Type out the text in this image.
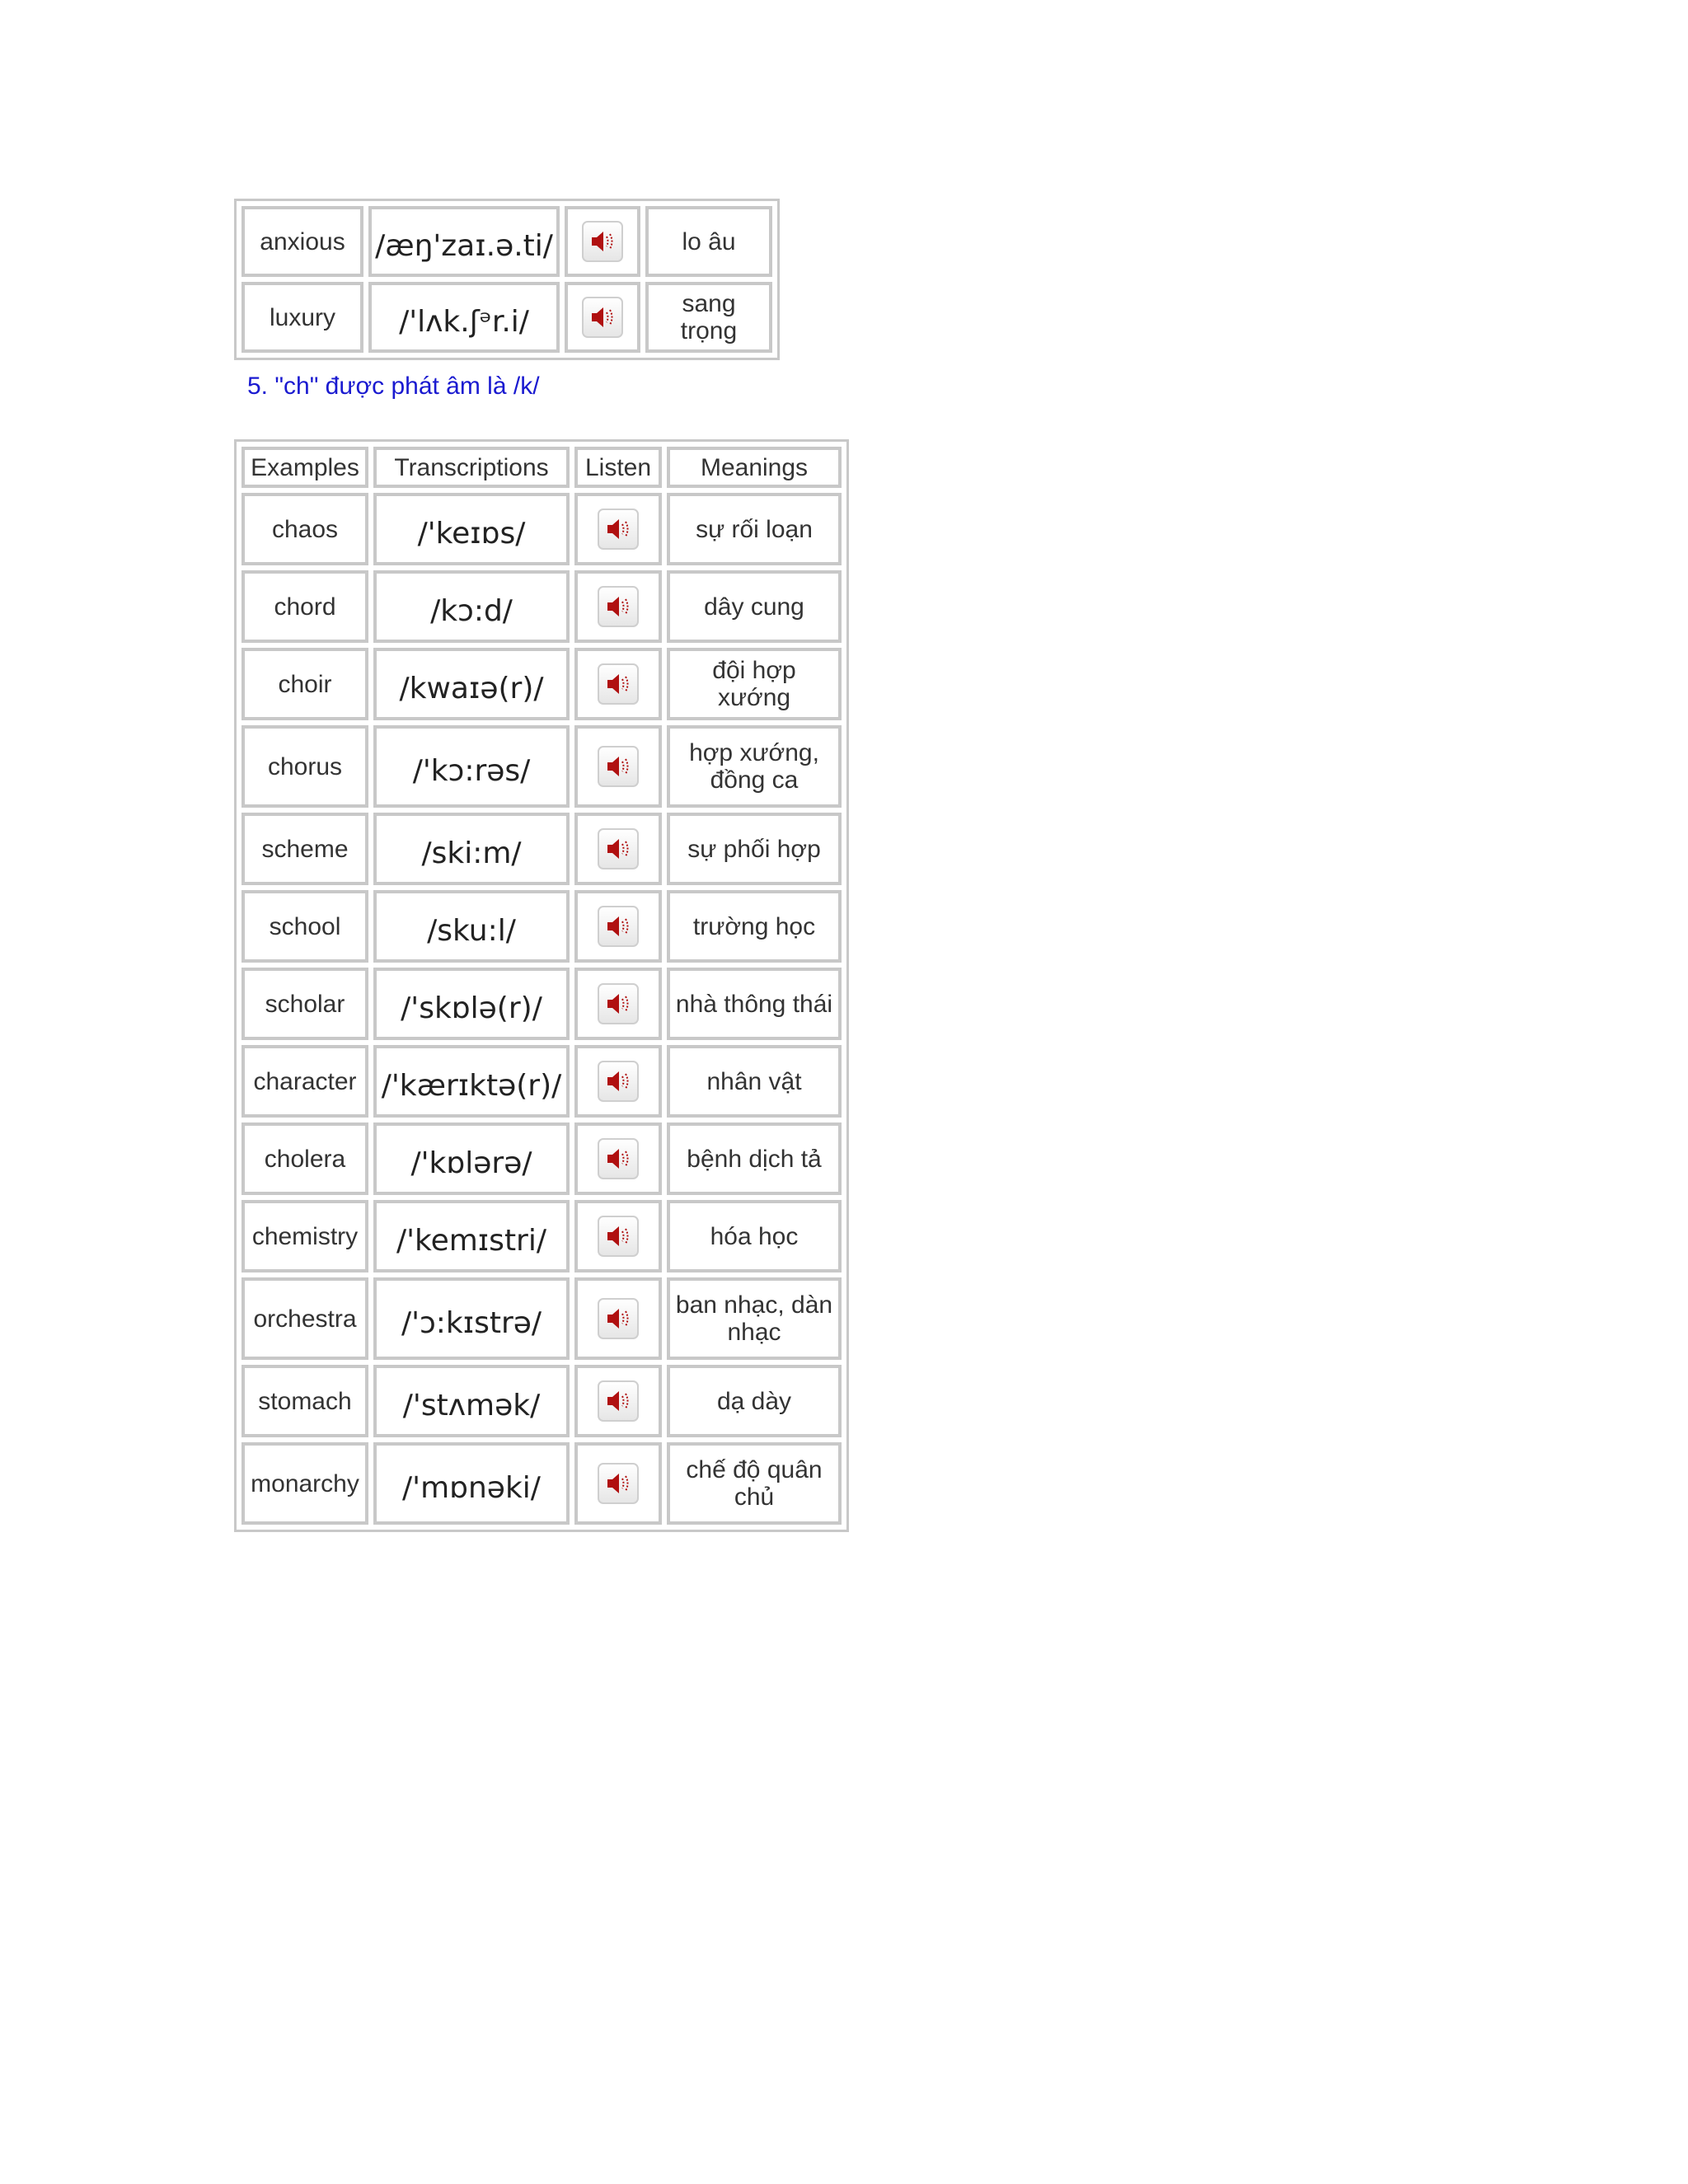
anxious	/æŋ'zaɪ.ə.ti/		lo âu
luxury	/'lʌk.ʃᵊr.i/		sang trọng
5. "ch" được phát âm là /k/
Examples	Transcriptions	Listen	Meanings
chaos	/'keɪɒs/		sự rối loạn
chord	/kɔ:d/		dây cung
choir	/kwaɪə(r)/		đội hợp xướng
chorus	/'kɔ:rəs/		hợp xướng, đồng ca
scheme	/ski:m/		sự phối hợp
school	/sku:l/		trường học
scholar	/'skɒlə(r)/		nhà thông thái
character	/'kærɪktə(r)/		nhân vật
cholera	/'kɒlərə/		bệnh dịch tả
chemistry	/'kemɪstri/		hóa học
orchestra	/'ɔ:kɪstrə/		ban nhạc, dàn nhạc
stomach	/'stʌmək/		dạ dày
monarchy	/'mɒnəki/		chế độ quân chủ
